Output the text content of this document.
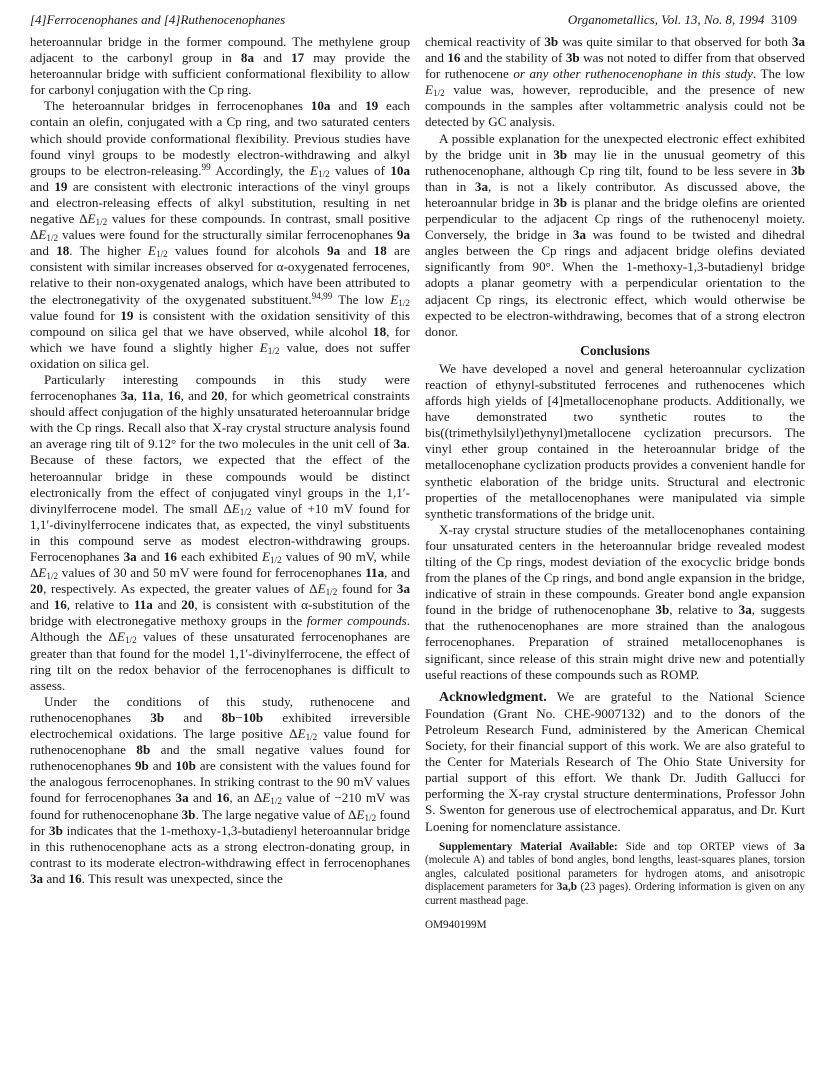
[4]Ferrocenophanes and [4]Ruthenocenophanes	Organometallics, Vol. 13, No. 8, 1994 3109

heteroannular bridge in the former compound. The methylene group adjacent to the carbonyl group in 8a and 17 may provide the heteroannular bridge with sufficient conformational flexibility to allow for carbonyl conjugation with the Cp ring.

The heteroannular bridges in ferrocenophanes 10a and 19 each contain an olefin, conjugated with a Cp ring, and two saturated centers which should provide conformational flexibility. Previous studies have found vinyl groups to be modestly electron-withdrawing and alkyl groups to be electron-releasing.$^{99}$ Accordingly, the $E_{1/2}$ values of 10a and 19 are consistent with electronic interactions of the vinyl groups and electron-releasing effects of alkyl substitution, resulting in net negative $\Delta E_{1/2}$ values for these compounds. In contrast, small positive $\Delta E_{1/2}$ values were found for the structurally similar ferrocenophanes 9a and 18. The higher $E_{1/2}$ values found for alcohols 9a and 18 are consistent with similar increases observed for α-oxygenated ferrocenes, relative to their non-oxygenated analogs, which have been attributed to the electronegativity of the oxygenated substituent.$^{94,99}$ The low $E_{1/2}$ value found for 19 is consistent with the oxidation sensitivity of this compound on silica gel that we have observed, while alcohol 18, for which we have found a slightly higher $E_{1/2}$ value, does not suffer oxidation on silica gel.

Particularly interesting compounds in this study were ferrocenophanes 3a, 11a, 16, and 20, for which geometrical constraints should affect conjugation of the highly unsaturated heteroannular bridge with the Cp rings. Recall also that X-ray crystal structure analysis found an average ring tilt of 9.12° for the two molecules in the unit cell of 3a. Because of these factors, we expected that the effect of the heteroannular bridge in these compounds would be distinct electronically from the effect of conjugated vinyl groups in the 1,1′-divinylferrocene model. The small $\Delta E_{1/2}$ value of +10 mV found for 1,1′-divinylferrocene indicates that, as expected, the vinyl substituents in this compound serve as modest electron-withdrawing groups. Ferrocenophanes 3a and 16 each exhibited $E_{1/2}$ values of 90 mV, while $\Delta E_{1/2}$ values of 30 and 50 mV were found for ferrocenophanes 11a, and 20, respectively. As expected, the greater values of $\Delta E_{1/2}$ found for 3a and 16, relative to 11a and 20, is consistent with α-substitution of the bridge with electronegative methoxy groups in the former compounds. Although the $\Delta E_{1/2}$ values of these unsaturated ferrocenophanes are greater than that found for the model 1,1′-divinylferrocene, the effect of ring tilt on the redox behavior of the ferrocenophanes is difficult to assess.

Under the conditions of this study, ruthenocene and ruthenocenophanes 3b and 8b−10b exhibited irreversible electrochemical oxidations. The large positive $\Delta E_{1/2}$ value found for ruthenocenophane 8b and the small negative values found for ruthenocenophanes 9b and 10b are consistent with the values found for the analogous ferrocenophanes. In striking contrast to the 90 mV values found for ferrocenophanes 3a and 16, an $\Delta E_{1/2}$ value of −210 mV was found for ruthenocenophane 3b. The large negative value of $\Delta E_{1/2}$ found for 3b indicates that the 1-methoxy-1,3-butadienyl heteroannular bridge in this ruthenocenophane acts as a strong electron-donating group, in contrast to its moderate electron-withdrawing effect in ferrocenophanes 3a and 16. This result was unexpected, since the

chemical reactivity of 3b was quite similar to that observed for both 3a and 16 and the stability of 3b was not noted to differ from that observed for ruthenocene or any other ruthenocenophane in this study. The low $E_{1/2}$ value was, however, reproducible, and the presence of new compounds in the samples after voltammetric analysis could not be detected by GC analysis.

A possible explanation for the unexpected electronic effect exhibited by the bridge unit in 3b may lie in the unusual geometry of this ruthenocenophane, although Cp ring tilt, found to be less severe in 3b than in 3a, is not a likely contributor. As discussed above, the heteroannular bridge in 3b is planar and the bridge olefins are oriented perpendicular to the adjacent Cp rings of the ruthenocenyl moiety. Conversely, the bridge in 3a was found to be twisted and dihedral angles between the Cp rings and adjacent bridge olefins deviated significantly from 90°. When the 1-methoxy-1,3-butadienyl bridge adopts a planar geometry with a perpendicular orientation to the adjacent Cp rings, its electronic effect, which would otherwise be expected to be electron-withdrawing, becomes that of a strong electron donor.

Conclusions

We have developed a novel and general heteroannular cyclization reaction of ethynyl-substituted ferrocenes and ruthenocenes which affords high yields of [4]metallocenophane products. Additionally, we have demonstrated two synthetic routes to the bis((trimethylsilyl)ethynyl)metallocene cyclization precursors. The vinyl ether group contained in the heteroannular bridge of the metallocenophane cyclization products provides a convenient handle for synthetic elaboration of the bridge units. Structural and electronic properties of the metallocenophanes were manipulated via simple synthetic transformations of the bridge unit.

X-ray crystal structure studies of the metallocenophanes containing four unsaturated centers in the heteroannular bridge revealed modest tilting of the Cp rings, modest deviation of the exocyclic bridge bonds from the planes of the Cp rings, and bond angle expansion in the bridge, indicative of strain in these compounds. Greater bond angle expansion found in the bridge of ruthenocenophane 3b, relative to 3a, suggests that the ruthenocenophanes are more strained than the analogous ferrocenophanes. Preparation of strained metallocenophanes is significant, since release of this strain might drive new and potentially useful reactions of these compounds such as ROMP.

Acknowledgment. We are grateful to the National Science Foundation (Grant No. CHE-9007132) and to the donors of the Petroleum Research Fund, administered by the American Chemical Society, for their financial support of this work. We are also grateful to the Center for Materials Research of The Ohio State University for partial support of this effort. We thank Dr. Judith Gallucci for performing the X-ray crystal structure denterminations, Professor John S. Swenton for generous use of electrochemical apparatus, and Dr. Kurt Loening for nomenclature assistance.

Supplementary Material Available: Side and top ORTEP views of 3a (molecule A) and tables of bond angles, bond lengths, least-squares planes, torsion angles, calculated positional parameters for hydrogen atoms, and anisotropic displacement parameters for 3a,b (23 pages). Ordering information is given on any current masthead page.

OM940199M
